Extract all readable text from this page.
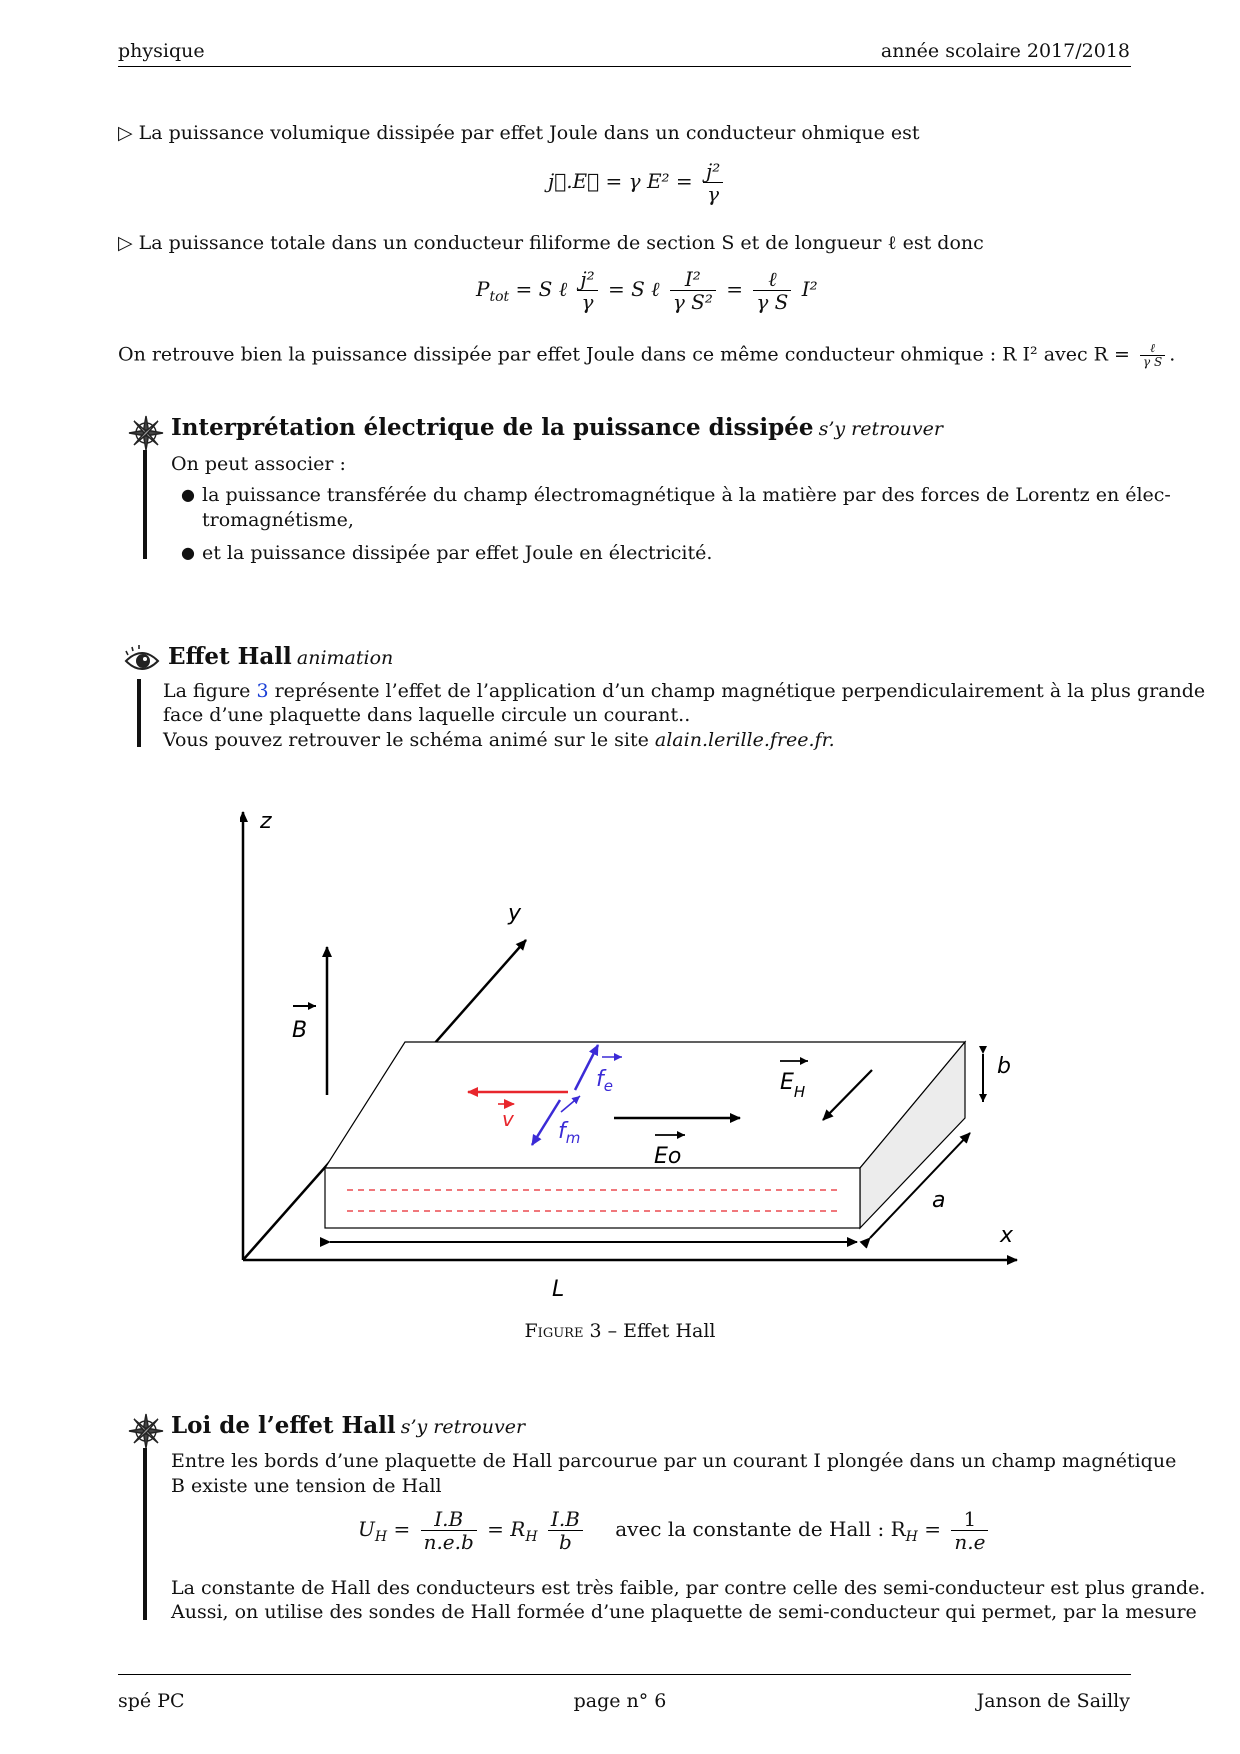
physique	année scolaire 2017/2018
▷ La puissance volumique dissipée par effet Joule dans un conducteur ohmique est
j⃗.E⃗ = γ $E^2 = \frac{\text{j²}}{\gamma}$
▷ La puissance totale dans un conducteur filiforme de section S et de longueur ℓ est donc
$P_{tot} = S$ ℓ $\frac{\text{j²}}{\gamma} = S$ ℓ $\frac{\text{I²}}{\text{γ S²}} = \frac{\text{ℓ}}{\text{γ S}} I^2$
On retrouve bien la puissance dissipée par effet Joule dans ce même conducteur ohmique : R I² avec $R = \frac{\text{ℓ}}{\text{γ S}}$ .
Interprétation électrique de la puissance dissipée s’y retrouver
On peut associer :
● la puissance transférée du champ électromagnétique à la matière par des forces de Lorentz en élec-
tromagnétisme,
● et la puissance dissipée par effet Joule en électricité.
Effet Hall animation
La figure 3 représente l’effet de l’application d’un champ magnétique perpendiculairement à la plus grande
face d’une plaquette dans laquelle circule un courant..
Vous pouvez retrouver le schéma animé sur le site alain.lerille.free.fr.
z
y
x
B
L
a
b
v
$f_e$
$f_m$
Eo
$E_H$
Figure 3 – Effet Hall
Loi de l’effet Hall s’y retrouver
Entre les bords d’une plaquette de Hall parcourue par un courant I plongée dans un champ magnétique
B existe une tension de Hall
$U_H = \frac{I.B}{n.e.b} = R_H \frac{I.B}{b}$ avec la constante de Hall : $R_H = \frac{1}{n.e}$
La constante de Hall des conducteurs est très faible, par contre celle des semi-conducteur est plus grande.
Aussi, on utilise des sondes de Hall formée d’une plaquette de semi-conducteur qui permet, par la mesure
spé PC	page n° 6	Janson de Sailly
